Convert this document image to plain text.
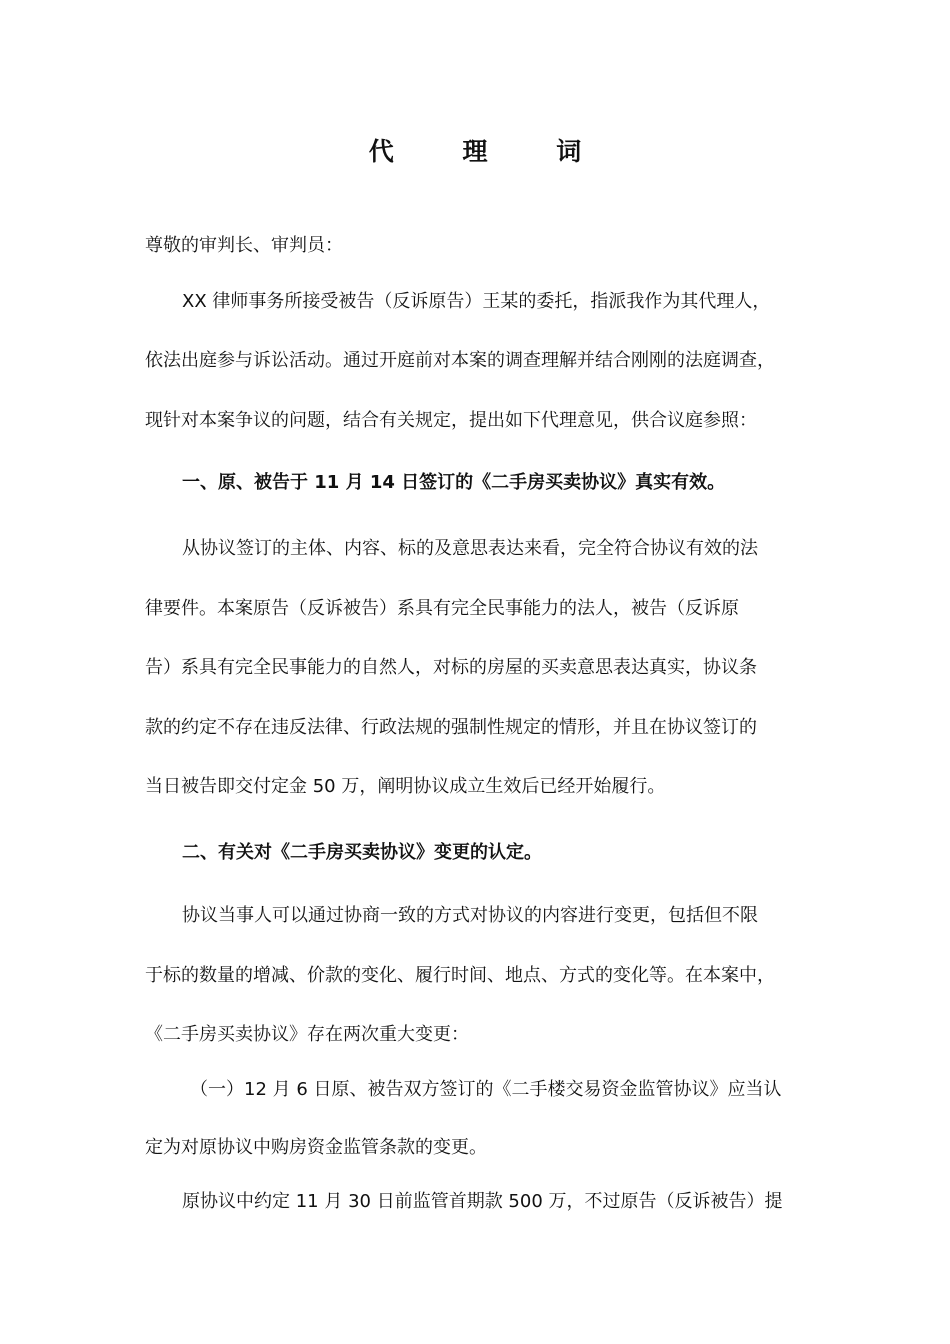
代 理 词
尊敬的审判长、审判员：
XX 律师事务所接受被告（反诉原告）王某的委托，指派我作为其代理人，
依法出庭参与诉讼活动。通过开庭前对本案的调查理解并结合刚刚的法庭调查，
现针对本案争议的问题，结合有关规定，提出如下代理意见，供合议庭参照：
一、原、被告于 11 月 14 日签订的《二手房买卖协议》真实有效。
从协议签订的主体、内容、标的及意思表达来看，完全符合协议有效的法
律要件。本案原告（反诉被告）系具有完全民事能力的法人，被告（反诉原
告）系具有完全民事能力的自然人，对标的房屋的买卖意思表达真实，协议条
款的约定不存在违反法律、行政法规的强制性规定的情形，并且在协议签订的
当日被告即交付定金 50 万，阐明协议成立生效后已经开始履行。
二、有关对《二手房买卖协议》变更的认定。
协议当事人可以通过协商一致的方式对协议的内容进行变更，包括但不限
于标的数量的增减、价款的变化、履行时间、地点、方式的变化等。在本案中，
《二手房买卖协议》存在两次重大变更：
（一）12 月 6 日原、被告双方签订的《二手楼交易资金监管协议》应当认
定为对原协议中购房资金监管条款的变更。
原协议中约定 11 月 30 日前监管首期款 500 万，不过原告（反诉被告）提
